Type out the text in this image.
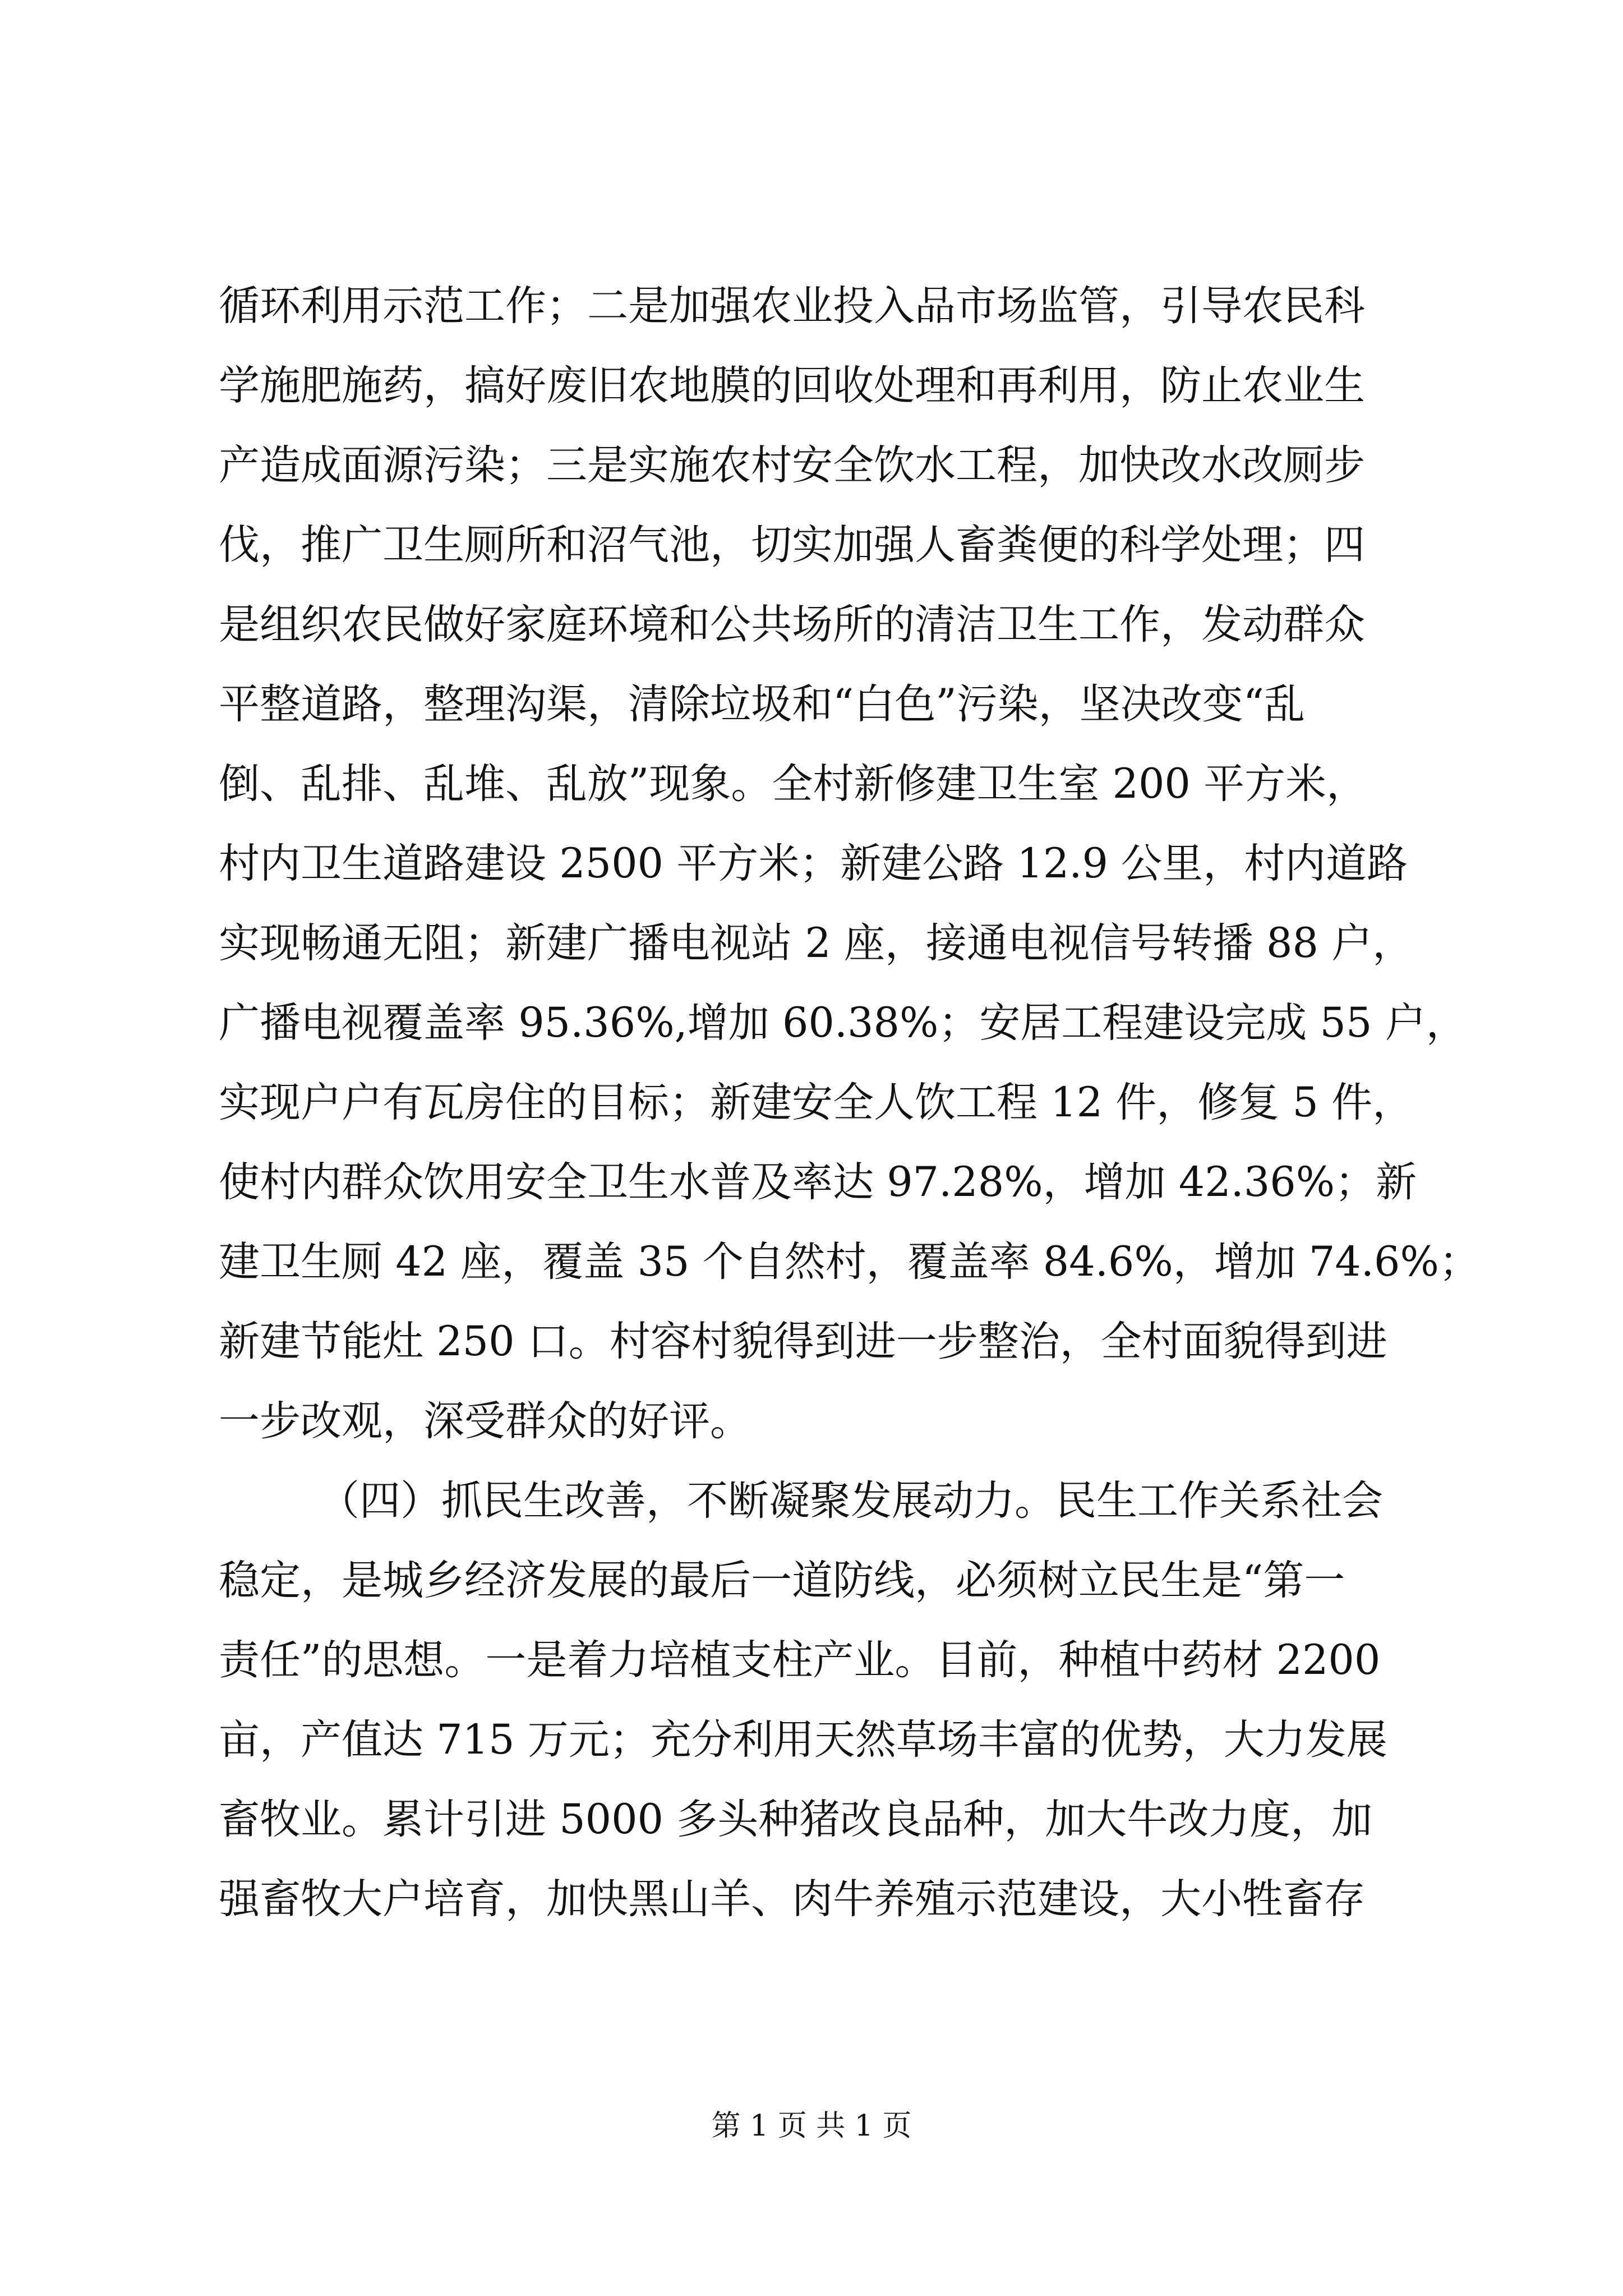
循环利用示范工作；二是加强农业投入品市场监管，引导农民科
学施肥施药，搞好废旧农地膜的回收处理和再利用，防止农业生
产造成面源污染；三是实施农村安全饮水工程，加快改水改厕步
伐，推广卫生厕所和沼气池，切实加强人畜粪便的科学处理；四
是组织农民做好家庭环境和公共场所的清洁卫生工作，发动群众
平整道路，整理沟渠，清除垃圾和“白色”污染，坚决改变“乱
倒、乱排、乱堆、乱放”现象。全村新修建卫生室 200 平方米，
村内卫生道路建设 2500 平方米；新建公路 12.9 公里，村内道路
实现畅通无阻；新建广播电视站 2 座，接通电视信号转播 88 户，
广播电视覆盖率 95.36%,增加 60.38%；安居工程建设完成 55 户，
实现户户有瓦房住的目标；新建安全人饮工程 12 件，修复 5 件，
使村内群众饮用安全卫生水普及率达 97.28%，增加 42.36%；新
建卫生厕 42 座，覆盖 35 个自然村，覆盖率 84.6%，增加 74.6%；
新建节能灶 250 口。村容村貌得到进一步整治，全村面貌得到进
一步改观，深受群众的好评。
（四）抓民生改善，不断凝聚发展动力。民生工作关系社会
稳定，是城乡经济发展的最后一道防线，必须树立民生是“第一
责任”的思想。一是着力培植支柱产业。目前，种植中药材 2200
亩，产值达 715 万元；充分利用天然草场丰富的优势，大力发展
畜牧业。累计引进 5000 多头种猪改良品种，加大牛改力度，加
强畜牧大户培育，加快黑山羊、肉牛养殖示范建设，大小牲畜存
第 1 页 共 1 页
